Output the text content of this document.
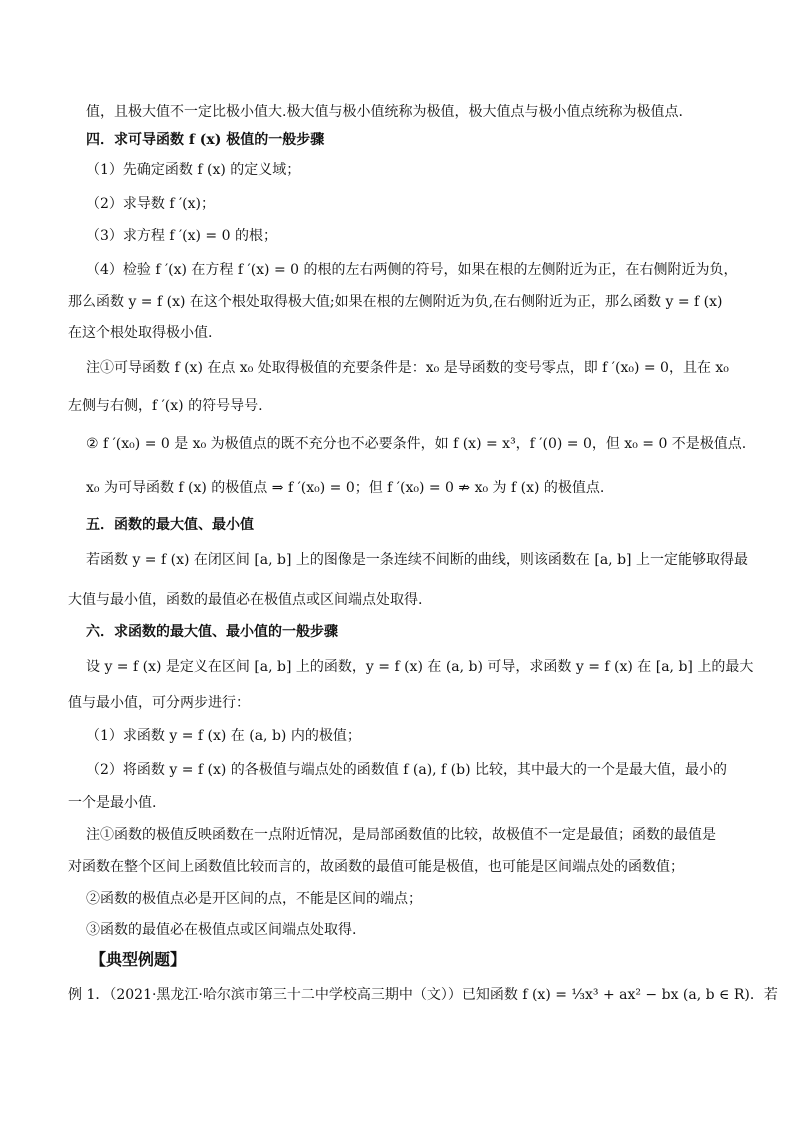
值，且极大值不一定比极小值大.极大值与极小值统称为极值，极大值点与极小值点统称为极值点.
四．求可导函数 f (x) 极值的一般步骤
（1）先确定函数 f (x) 的定义域；
（2）求导数 f ′(x)；
（3）求方程 f ′(x) = 0 的根；
（4）检验 f ′(x) 在方程 f ′(x) = 0 的根的左右两侧的符号，如果在根的左侧附近为正，在右侧附近为负，
那么函数 y = f (x) 在这个根处取得极大值;如果在根的左侧附近为负,在右侧附近为正，那么函数 y = f (x)
在这个根处取得极小值.
注①可导函数 f (x) 在点 x₀ 处取得极值的充要条件是：x₀ 是导函数的变号零点，即 f ′(x₀) = 0，且在 x₀
左侧与右侧，f ′(x) 的符号导号.
② f ′(x₀) = 0 是 x₀ 为极值点的既不充分也不必要条件，如 f (x) = x³，f ′(0) = 0，但 x₀ = 0 不是极值点.
x₀ 为可导函数 f (x) 的极值点 ⇒ f ′(x₀) = 0；但 f ′(x₀) = 0 ⇏ x₀ 为 f (x) 的极值点.
五．函数的最大值、最小值
若函数 y = f (x) 在闭区间 [a, b] 上的图像是一条连续不间断的曲线，则该函数在 [a, b] 上一定能够取得最
大值与最小值，函数的最值必在极值点或区间端点处取得.
六．求函数的最大值、最小值的一般步骤
设 y = f (x) 是定义在区间 [a, b] 上的函数，y = f (x) 在 (a, b) 可导，求函数 y = f (x) 在 [a, b] 上的最大
值与最小值，可分两步进行：
（1）求函数 y = f (x) 在 (a, b) 内的极值；
（2）将函数 y = f (x) 的各极值与端点处的函数值 f (a), f (b) 比较，其中最大的一个是最大值，最小的
一个是最小值.
注①函数的极值反映函数在一点附近情况，是局部函数值的比较，故极值不一定是最值；函数的最值是
对函数在整个区间上函数值比较而言的，故函数的最值可能是极值，也可能是区间端点处的函数值；
②函数的极值点必是开区间的点，不能是区间的端点；
③函数的最值必在极值点或区间端点处取得.
【典型例题】
例 1．（2021·黑龙江·哈尔滨市第三十二中学校高三期中（文））已知函数 f (x) = ⅓x³ + ax² − bx (a, b ∈ R)．若
